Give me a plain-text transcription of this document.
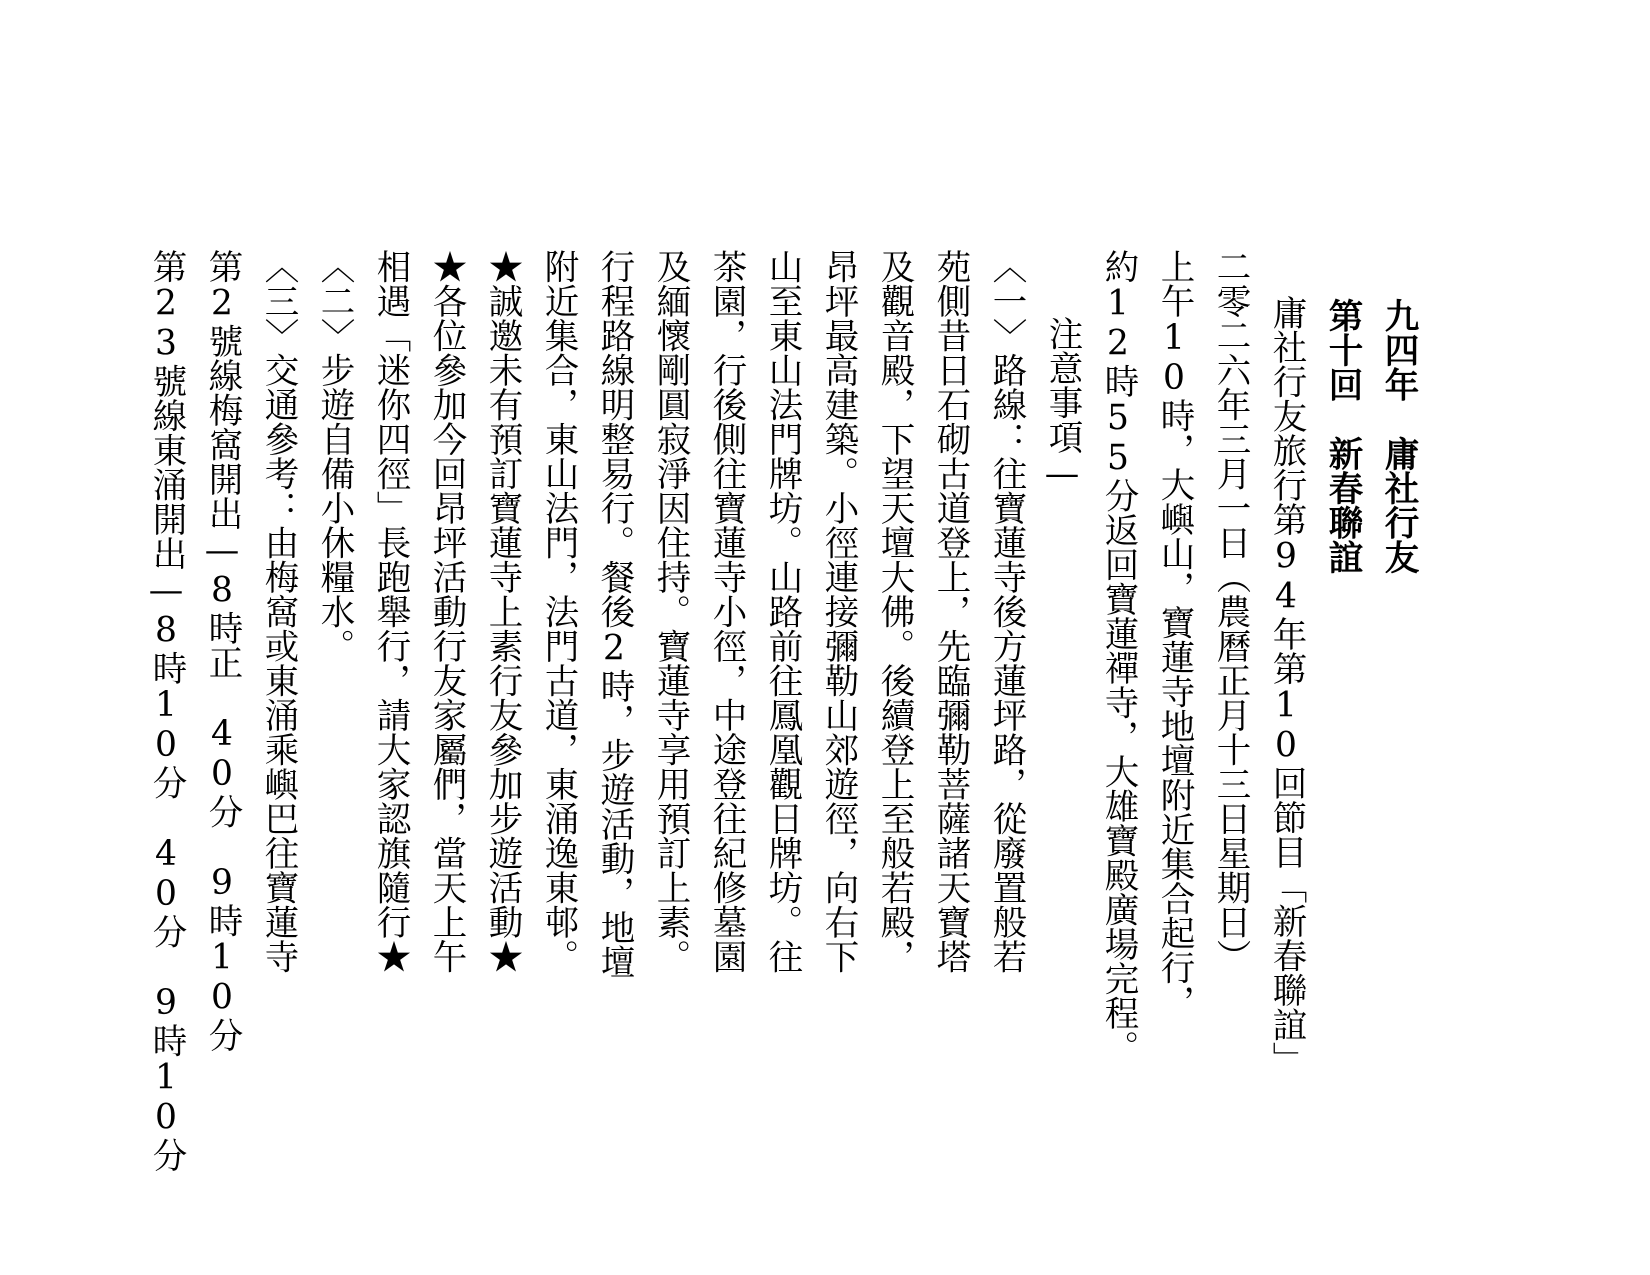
九四年　庸社行友
第十回　新春聯誼
庸社行友旅行第94年第10回節目「新春聯誼」
二零二六年三月一日（農曆正月十三日星期日）
上午10時，大嶼山，寶蓮寺地壇附近集合起行，
約12時55分返回寶蓮禪寺，大雄寶殿廣場完程。
注意事項—
〈一〉路線：往寶蓮寺後方蓮坪路，從廢置般若
苑側昔日石砌古道登上，先臨彌勒菩薩諸天寶塔
及觀音殿，下望天壇大佛。後續登上至般若殿，
昂坪最高建築。小徑連接彌勒山郊遊徑，向右下
山至東山法門牌坊。山路前往鳳凰觀日牌坊。往
茶園，行後側往寶蓮寺小徑，中途登往紀修墓園
及緬懷剛圓寂淨因住持。寶蓮寺享用預訂上素。
行程路線明整易行。餐後2時，步遊活動，地壇
附近集合，東山法門，法門古道，東涌逸東邨。
★誠邀未有預訂寶蓮寺上素行友參加步遊活動★
★各位參加今回昂坪活動行友家屬們，當天上午
相遇「迷你四徑」長跑舉行，請大家認旗隨行★
〈二〉步遊自備小休糧水。
〈三〉交通參考：由梅窩或東涌乘嶼巴往寶蓮寺
第2號線梅窩開出—8時正　40分　9時10分
第23號線東涌開出—8時10分　40分　9時10分
